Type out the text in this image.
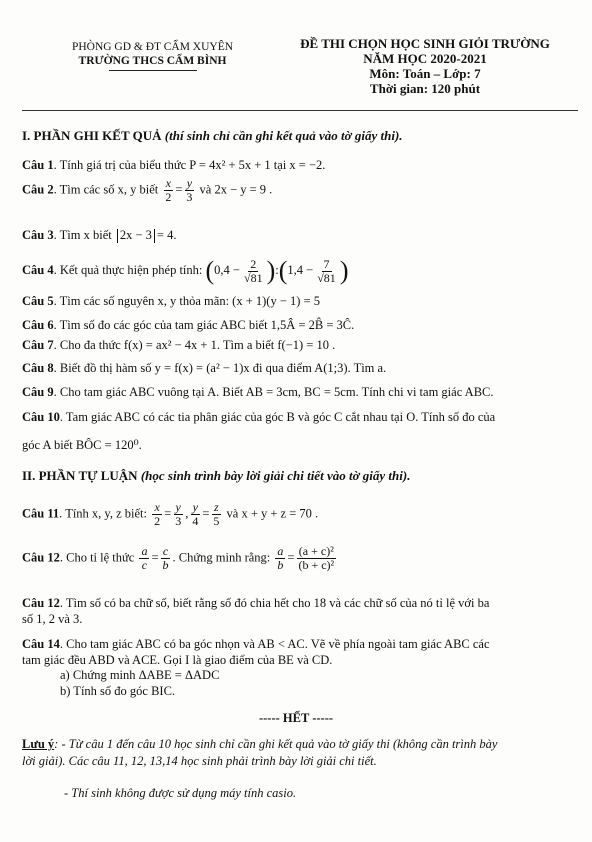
PHÒNG GD & ĐT CẨM XUYÊN
TRƯỜNG THCS CẨM BÌNH
ĐỀ THI CHỌN HỌC SINH GIỎI TRƯỜNG
NĂM HỌC 2020-2021
Môn: Toán – Lớp: 7
Thời gian: 120 phút
I. PHẦN GHI KẾT QUẢ (thí sinh chỉ cần ghi kết quả vào tờ giấy thi).
Câu 1. Tính giá trị của biểu thức P = 4x² + 5x + 1 tại x = −2.
Câu 2. Tìm các số x, y biết $\frac{x}{2} = \frac{y}{3}$ và 2x − y = 9 .
Câu 3. Tìm x biết 2x − 3 = 4.
Câu 4. Kết quả thực hiện phép tính: ($0,4 - \frac{2}{√81}$ ):(1,4 − $\frac{7}{√81}$ )
Câu 5. Tìm các số nguyên x, y thỏa mãn: (x + 1)(y − 1) = 5
Câu 6. Tìm số đo các góc của tam giác ABC biết 1,5Â = 2B̂ = 3Ĉ.
Câu 7. Cho đa thức f(x) = ax² − 4x + 1. Tìm a biết f(−1) = 10 .
Câu 8. Biết đồ thị hàm số y = f(x) = (a² − 1)x đi qua điểm A(1;3). Tìm a.
Câu 9. Cho tam giác ABC vuông tại A. Biết AB = 3cm, BC = 5cm. Tính chi vi tam giác ABC.
Câu 10. Tam giác ABC có các tia phân giác của góc B và góc C cắt nhau tại O. Tính số đo của
góc A biết BÔC = 120⁰.
II. PHẦN TỰ LUẬN (học sinh trình bày lời giải chi tiết vào tờ giấy thi).
Câu 11. Tính x, y, z biết: $\frac{x}{2} = \frac{y}{3}$ , $\frac{y}{4} = \frac{z}{5}$ và x + y + z = 70 .
Câu 12. Cho tỉ lệ thức $\frac{a}{c} = \frac{c}{b}$ . Chứng minh rằng: $\frac{a}{b} = \frac{\text{(a + c)²}}{\text{(b + c)²}}$
Câu 12. Tìm số có ba chữ số, biết rằng số đó chia hết cho 18 và các chữ số của nó tỉ lệ với ba
số 1, 2 và 3.
Câu 14. Cho tam giác ABC có ba góc nhọn và AB < AC. Vẽ về phía ngoài tam giác ABC các
tam giác đều ABD và ACE. Gọi I là giao điểm của BE và CD.
a) Chứng minh ΔABE = ΔADC
b) Tính số đo góc BIC.
----- HẾT -----
Lưu ý: - Từ câu 1 đến câu 10 học sinh chỉ cần ghi kết quả vào tờ giấy thi (không cần trình bày
lời giải). Các câu 11, 12, 13,14 học sinh phải trình bày lời giải chi tiết.
- Thí sinh không được sử dụng máy tính casio.
